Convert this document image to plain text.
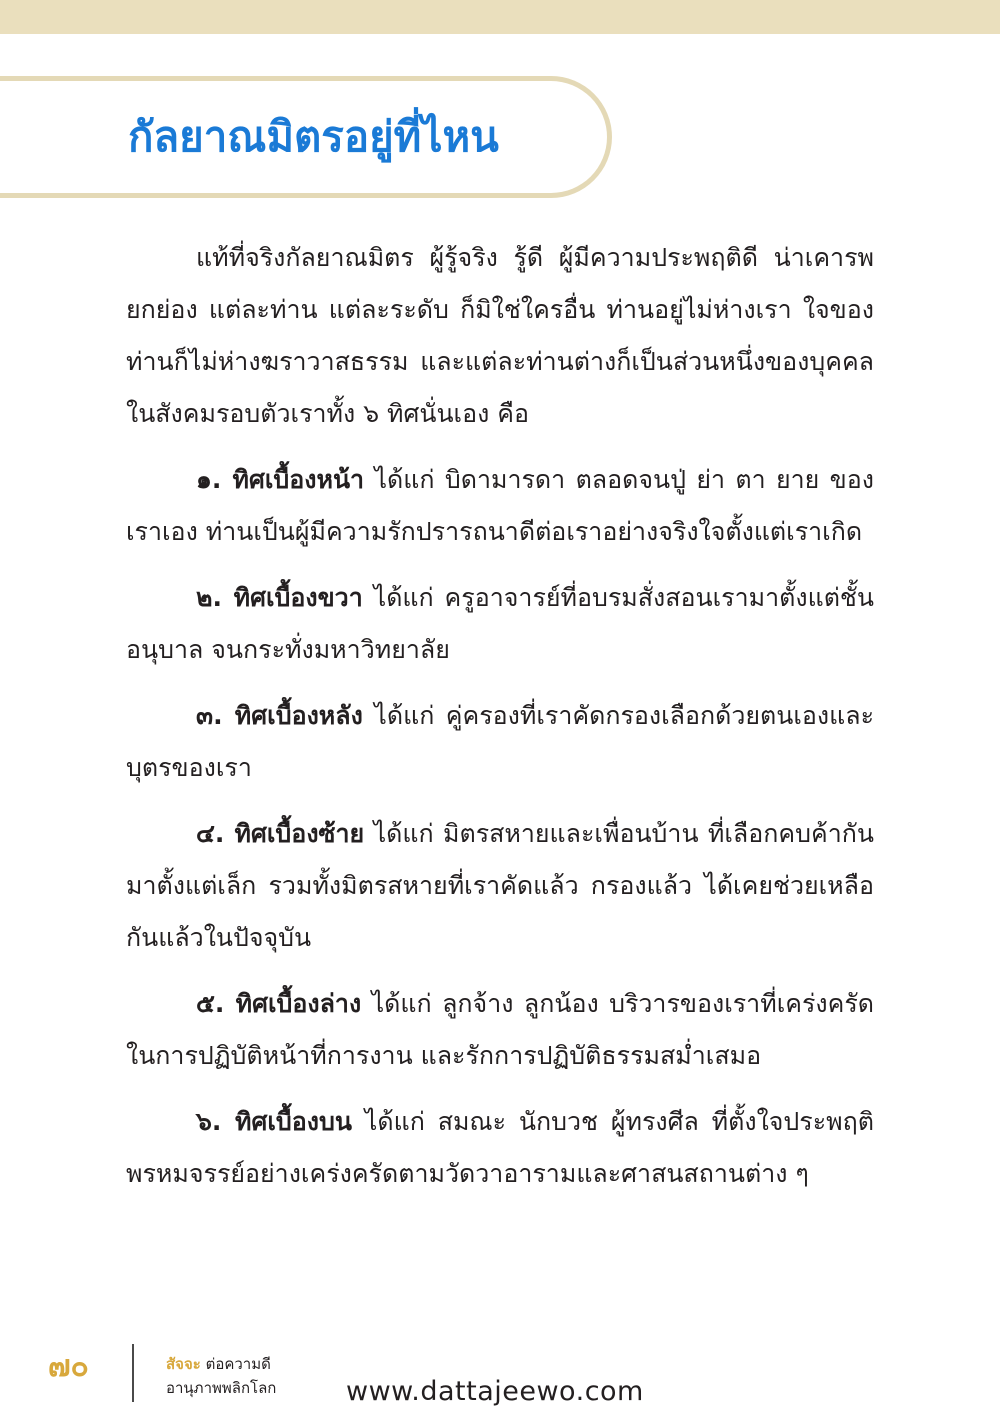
กัลยาณมิตรอยู่ที่ไหน

แท้ที่จริงกัลยาณมิตร ผู้รู้จริง รู้ดี ผู้มีความประพฤติดี น่าเคารพ ยกย่อง แต่ละท่าน แต่ละระดับ ก็มิใช่ใครอื่น ท่านอยู่ไม่ห่างเรา ใจของท่านก็ไม่ห่างฆราวาสธรรม และแต่ละท่านต่างก็เป็นส่วนหนึ่งของบุคคลในสังคมรอบตัวเราทั้ง ๖ ทิศนั่นเอง คือ

๑. ทิศเบื้องหน้า ได้แก่ บิดามารดา ตลอดจนปู่ ย่า ตา ยาย ของเราเอง ท่านเป็นผู้มีความรักปรารถนาดีต่อเราอย่างจริงใจตั้งแต่เราเกิด

๒. ทิศเบื้องขวา ได้แก่ ครูอาจารย์ที่อบรมสั่งสอนเรามาตั้งแต่ชั้นอนุบาล จนกระทั่งมหาวิทยาลัย

๓. ทิศเบื้องหลัง ได้แก่ คู่ครองที่เราคัดกรองเลือกด้วยตนเองและบุตรของเรา

๔. ทิศเบื้องซ้าย ได้แก่ มิตรสหายและเพื่อนบ้าน ที่เลือกคบค้ากันมาตั้งแต่เล็ก รวมทั้งมิตรสหายที่เราคัดแล้ว กรองแล้ว ได้เคยช่วยเหลือกันแล้วในปัจจุบัน

๕. ทิศเบื้องล่าง ได้แก่ ลูกจ้าง ลูกน้อง บริวารของเราที่เคร่งครัดในการปฏิบัติหน้าที่การงาน และรักการปฏิบัติธรรมสม่ำเสมอ

๖. ทิศเบื้องบน ได้แก่ สมณะ นักบวช ผู้ทรงศีล ที่ตั้งใจประพฤติพรหมจรรย์อย่างเคร่งครัดตามวัดวาอารามและศาสนสถานต่าง ๆ

๗๐	สัจจะ ต่อความดี
อานุภาพพลิกโลก	www.dattajeewo.com
